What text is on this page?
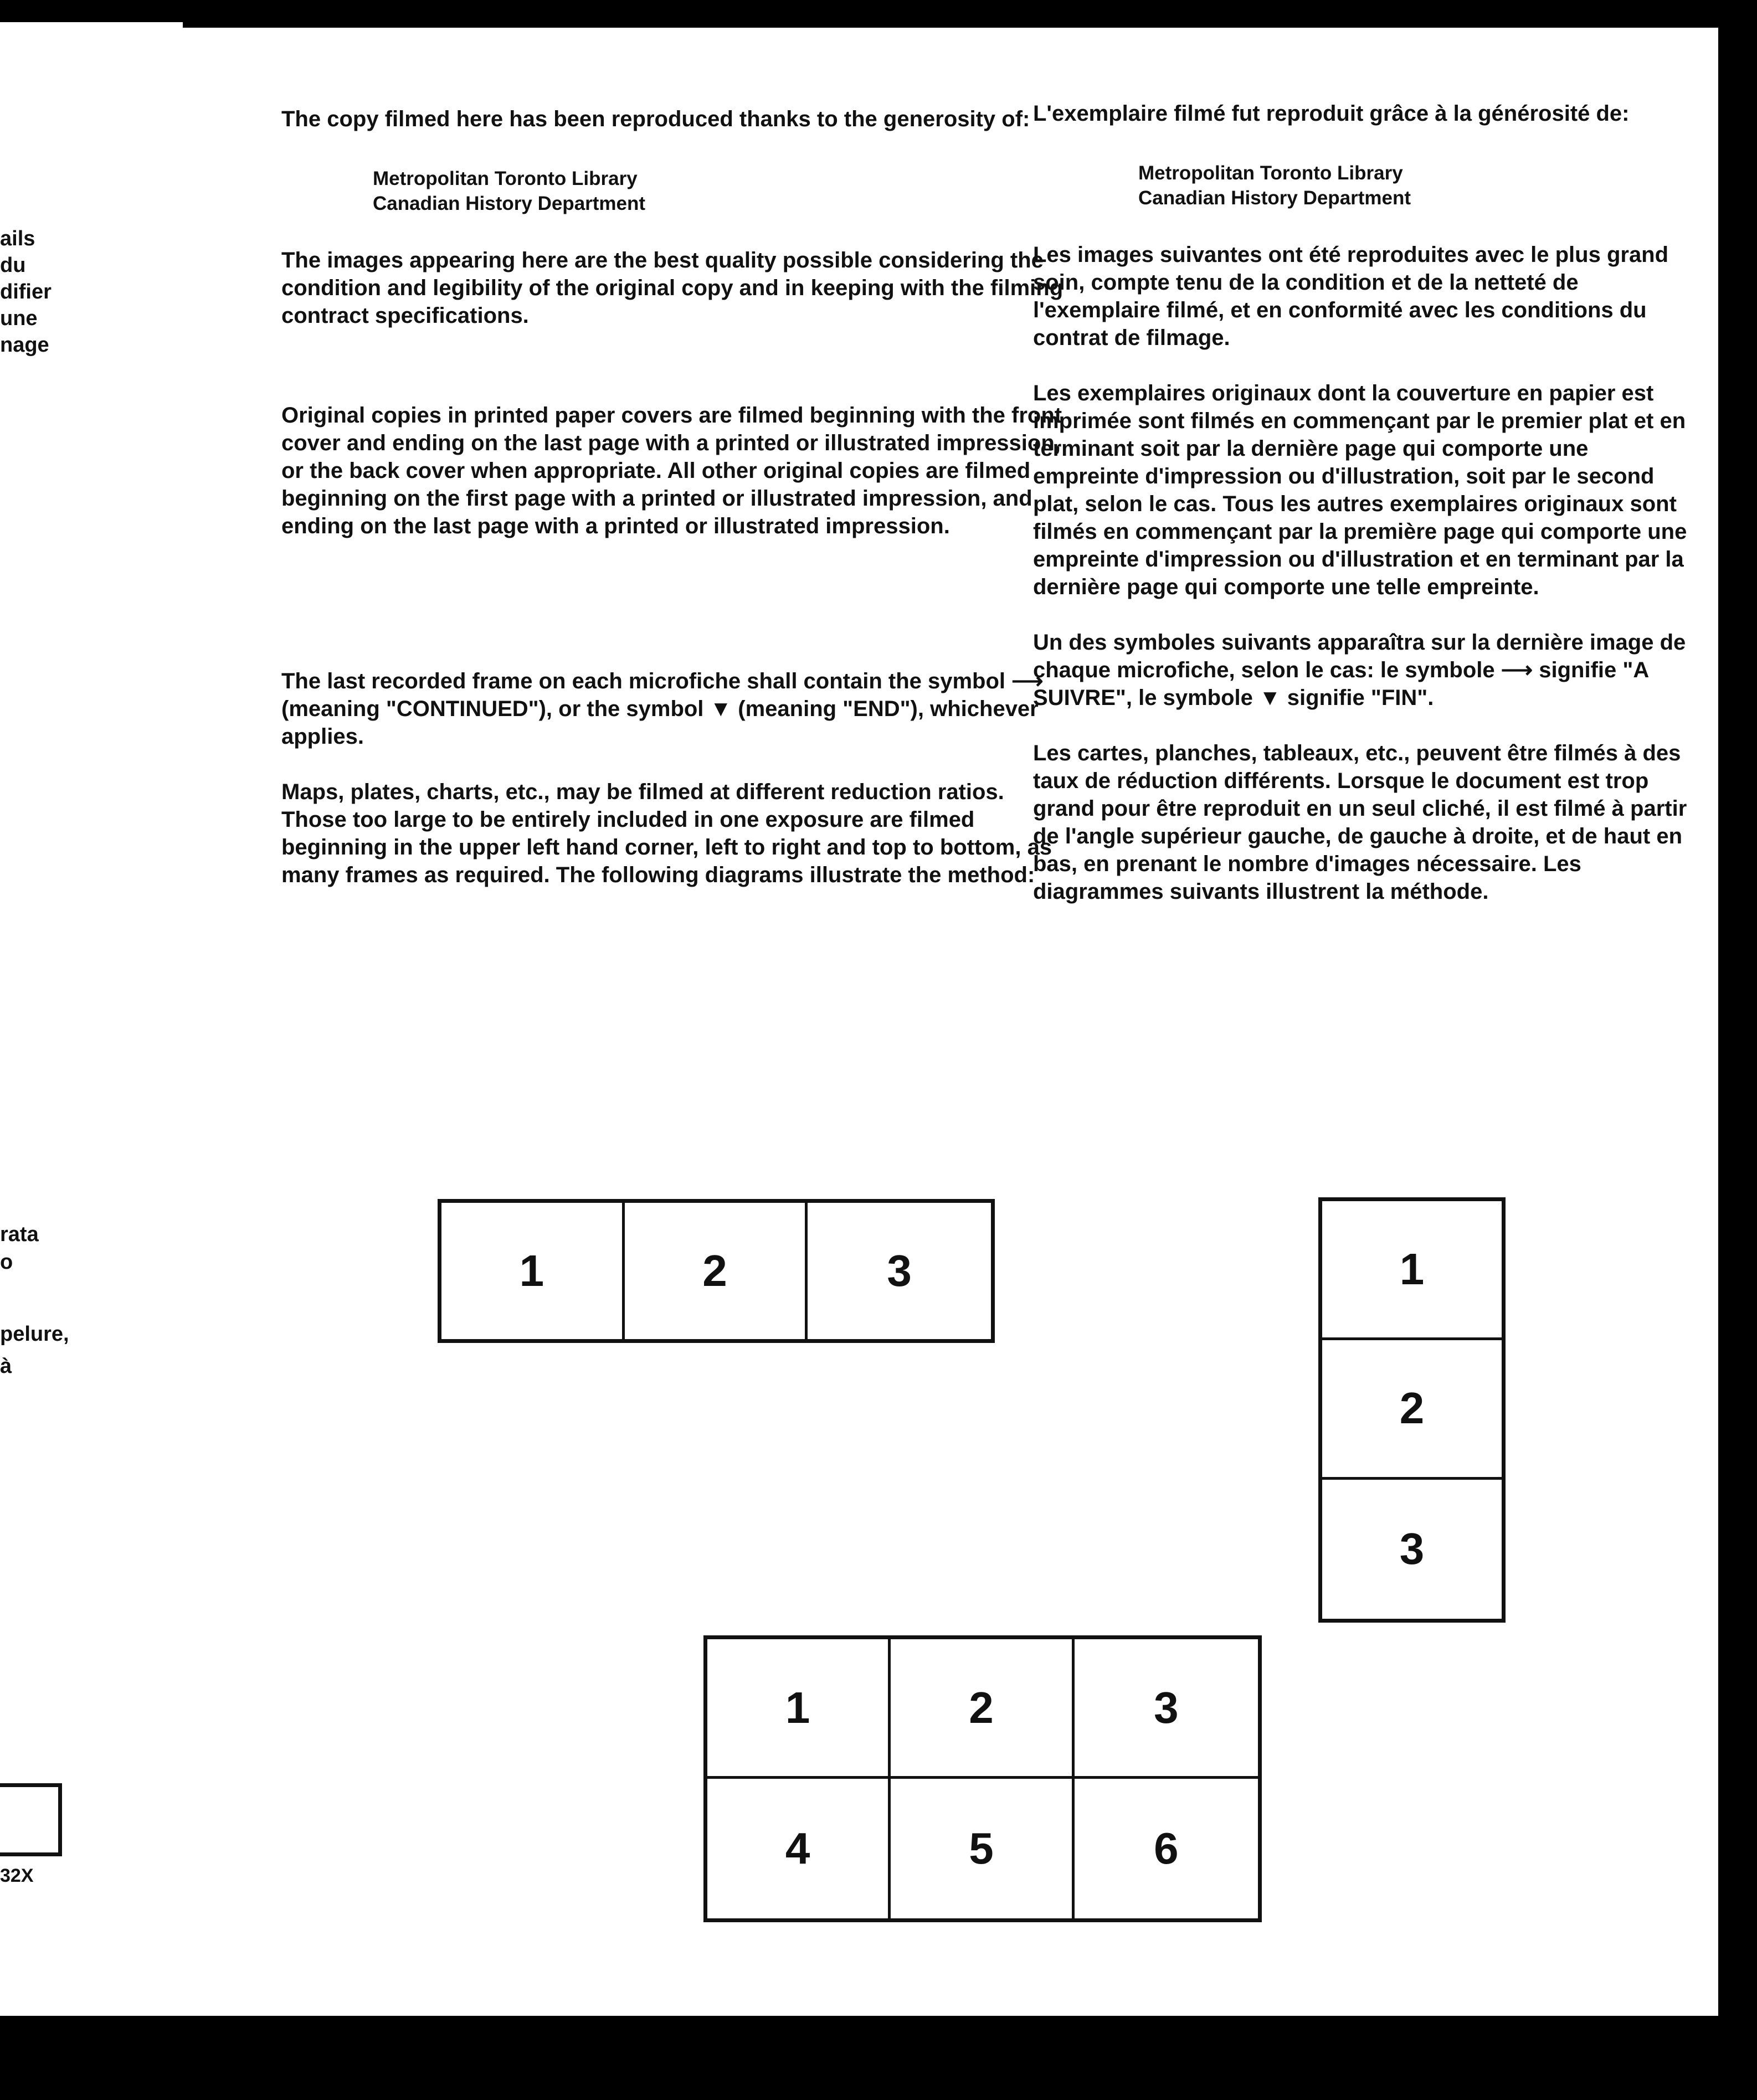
ails
du
difier
une
nage
rata
o
pelure,
à
32X

The copy filmed here has been reproduced thanks to the generosity of:

Metropolitan Toronto Library
Canadian History Department

The images appearing here are the best quality possible considering the condition and legibility of the original copy and in keeping with the filming contract specifications.

Original copies in printed paper covers are filmed beginning with the front cover and ending on the last page with a printed or illustrated impression, or the back cover when appropriate. All other original copies are filmed beginning on the first page with a printed or illustrated impression, and ending on the last page with a printed or illustrated impression.

The last recorded frame on each microfiche shall contain the symbol ⟶ (meaning "CONTINUED"), or the symbol ▼ (meaning "END"), whichever applies.

Maps, plates, charts, etc., may be filmed at different reduction ratios. Those too large to be entirely included in one exposure are filmed beginning in the upper left hand corner, left to right and top to bottom, as many frames as required. The following diagrams illustrate the method:

L'exemplaire filmé fut reproduit grâce à la générosité de:

Metropolitan Toronto Library
Canadian History Department

Les images suivantes ont été reproduites avec le plus grand soin, compte tenu de la condition et de la netteté de l'exemplaire filmé, et en conformité avec les conditions du contrat de filmage.

Les exemplaires originaux dont la couverture en papier est imprimée sont filmés en commençant par le premier plat et en terminant soit par la dernière page qui comporte une empreinte d'impression ou d'illustration, soit par le second plat, selon le cas. Tous les autres exemplaires originaux sont filmés en commençant par la première page qui comporte une empreinte d'impression ou d'illustration et en terminant par la dernière page qui comporte une telle empreinte.

Un des symboles suivants apparaîtra sur la dernière image de chaque microfiche, selon le cas: le symbole ⟶ signifie "A SUIVRE", le symbole ▼ signifie "FIN".

Les cartes, planches, tableaux, etc., peuvent être filmés à des taux de réduction différents. Lorsque le document est trop grand pour être reproduit en un seul cliché, il est filmé à partir de l'angle supérieur gauche, de gauche à droite, et de haut en bas, en prenant le nombre d'images nécessaire. Les diagrammes suivants illustrent la méthode.

1	2	3	1
2
3
1	2	3
4	5	6
